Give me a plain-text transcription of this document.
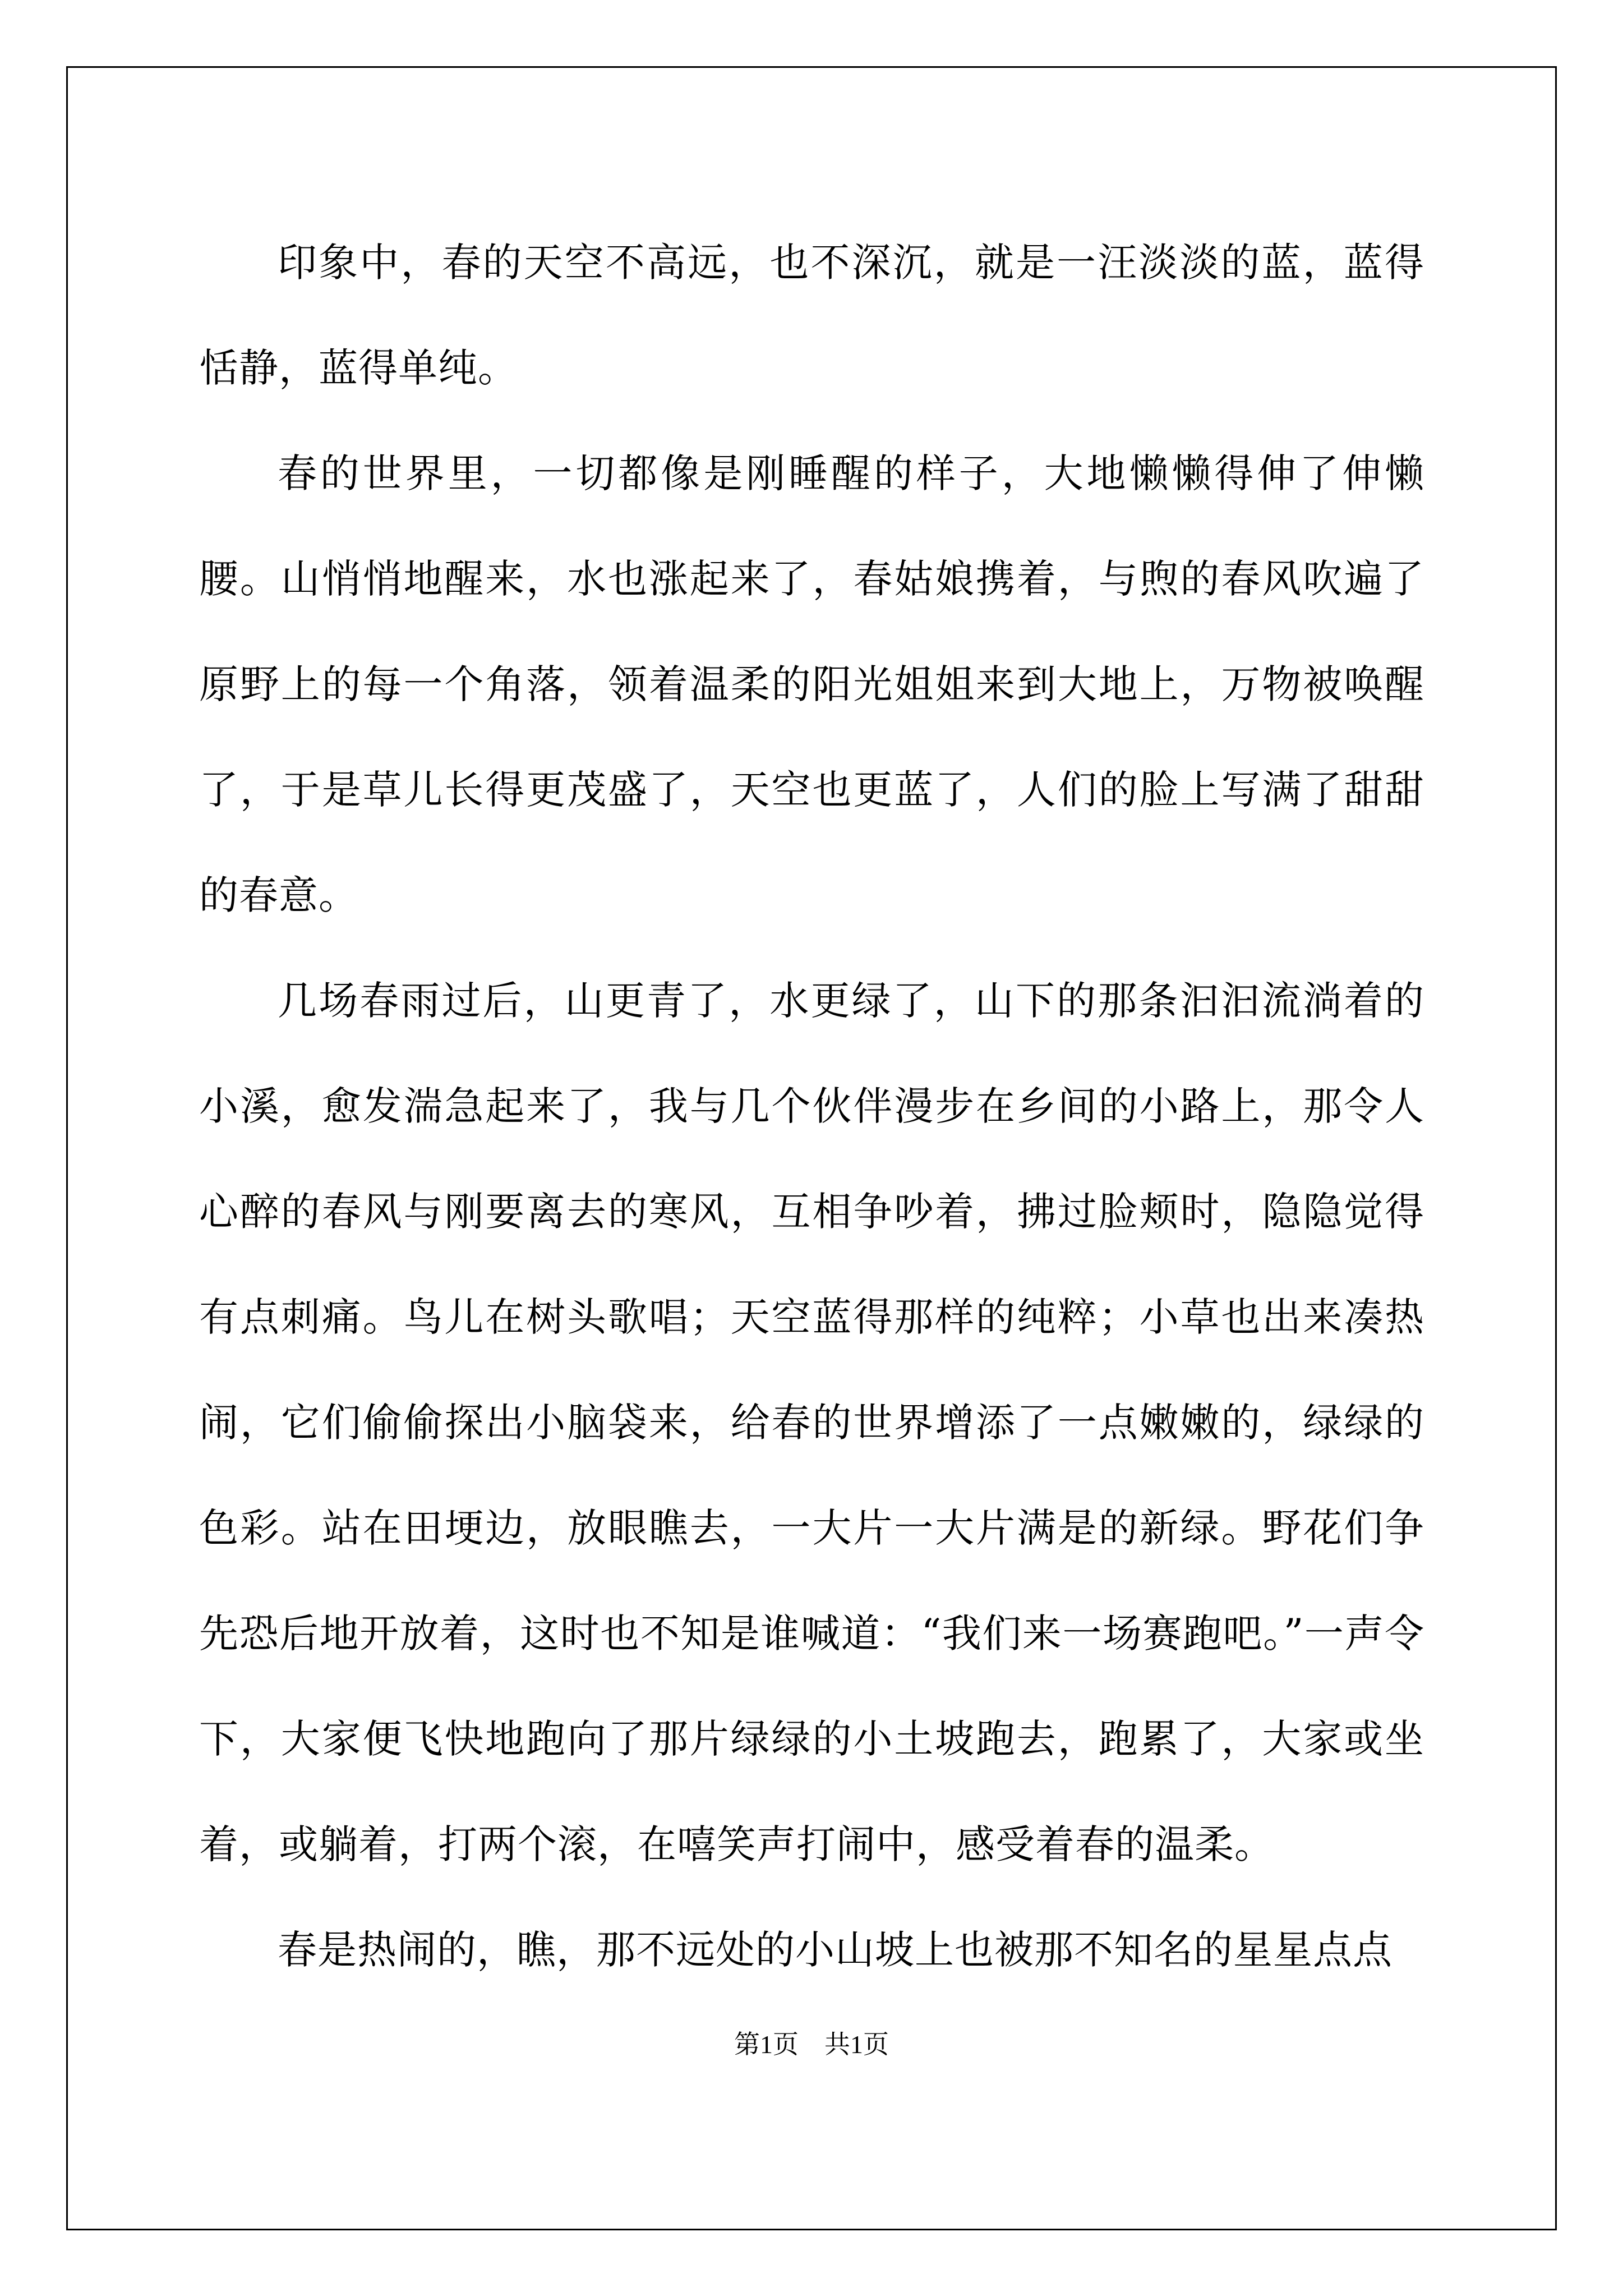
印象中，春的天空不高远，也不深沉，就是一汪淡淡的蓝，蓝得恬静，蓝得单纯。

春的世界里，一切都像是刚睡醒的样子，大地懒懒得伸了伸懒腰。山悄悄地醒来，水也涨起来了，春姑娘携着，与煦的春风吹遍了原野上的每一个角落，领着温柔的阳光姐姐来到大地上，万物被唤醒了，于是草儿长得更茂盛了，天空也更蓝了，人们的脸上写满了甜甜的春意。

几场春雨过后，山更青了，水更绿了，山下的那条汩汩流淌着的小溪，愈发湍急起来了，我与几个伙伴漫步在乡间的小路上，那令人心醉的春风与刚要离去的寒风，互相争吵着，拂过脸颊时，隐隐觉得有点刺痛。鸟儿在树头歌唱；天空蓝得那样的纯粹；小草也出来凑热闹，它们偷偷探出小脑袋来，给春的世界增添了一点嫩嫩的，绿绿的色彩。站在田埂边，放眼瞧去，一大片一大片满是的新绿。野花们争先恐后地开放着，这时也不知是谁喊道：“我们来一场赛跑吧。”一声令下，大家便飞快地跑向了那片绿绿的小土坡跑去，跑累了，大家或坐着，或躺着，打两个滚，在嘻笑声打闹中，感受着春的温柔。

春是热闹的，瞧，那不远处的小山坡上也被那不知名的星星点点

第1页　共1页
